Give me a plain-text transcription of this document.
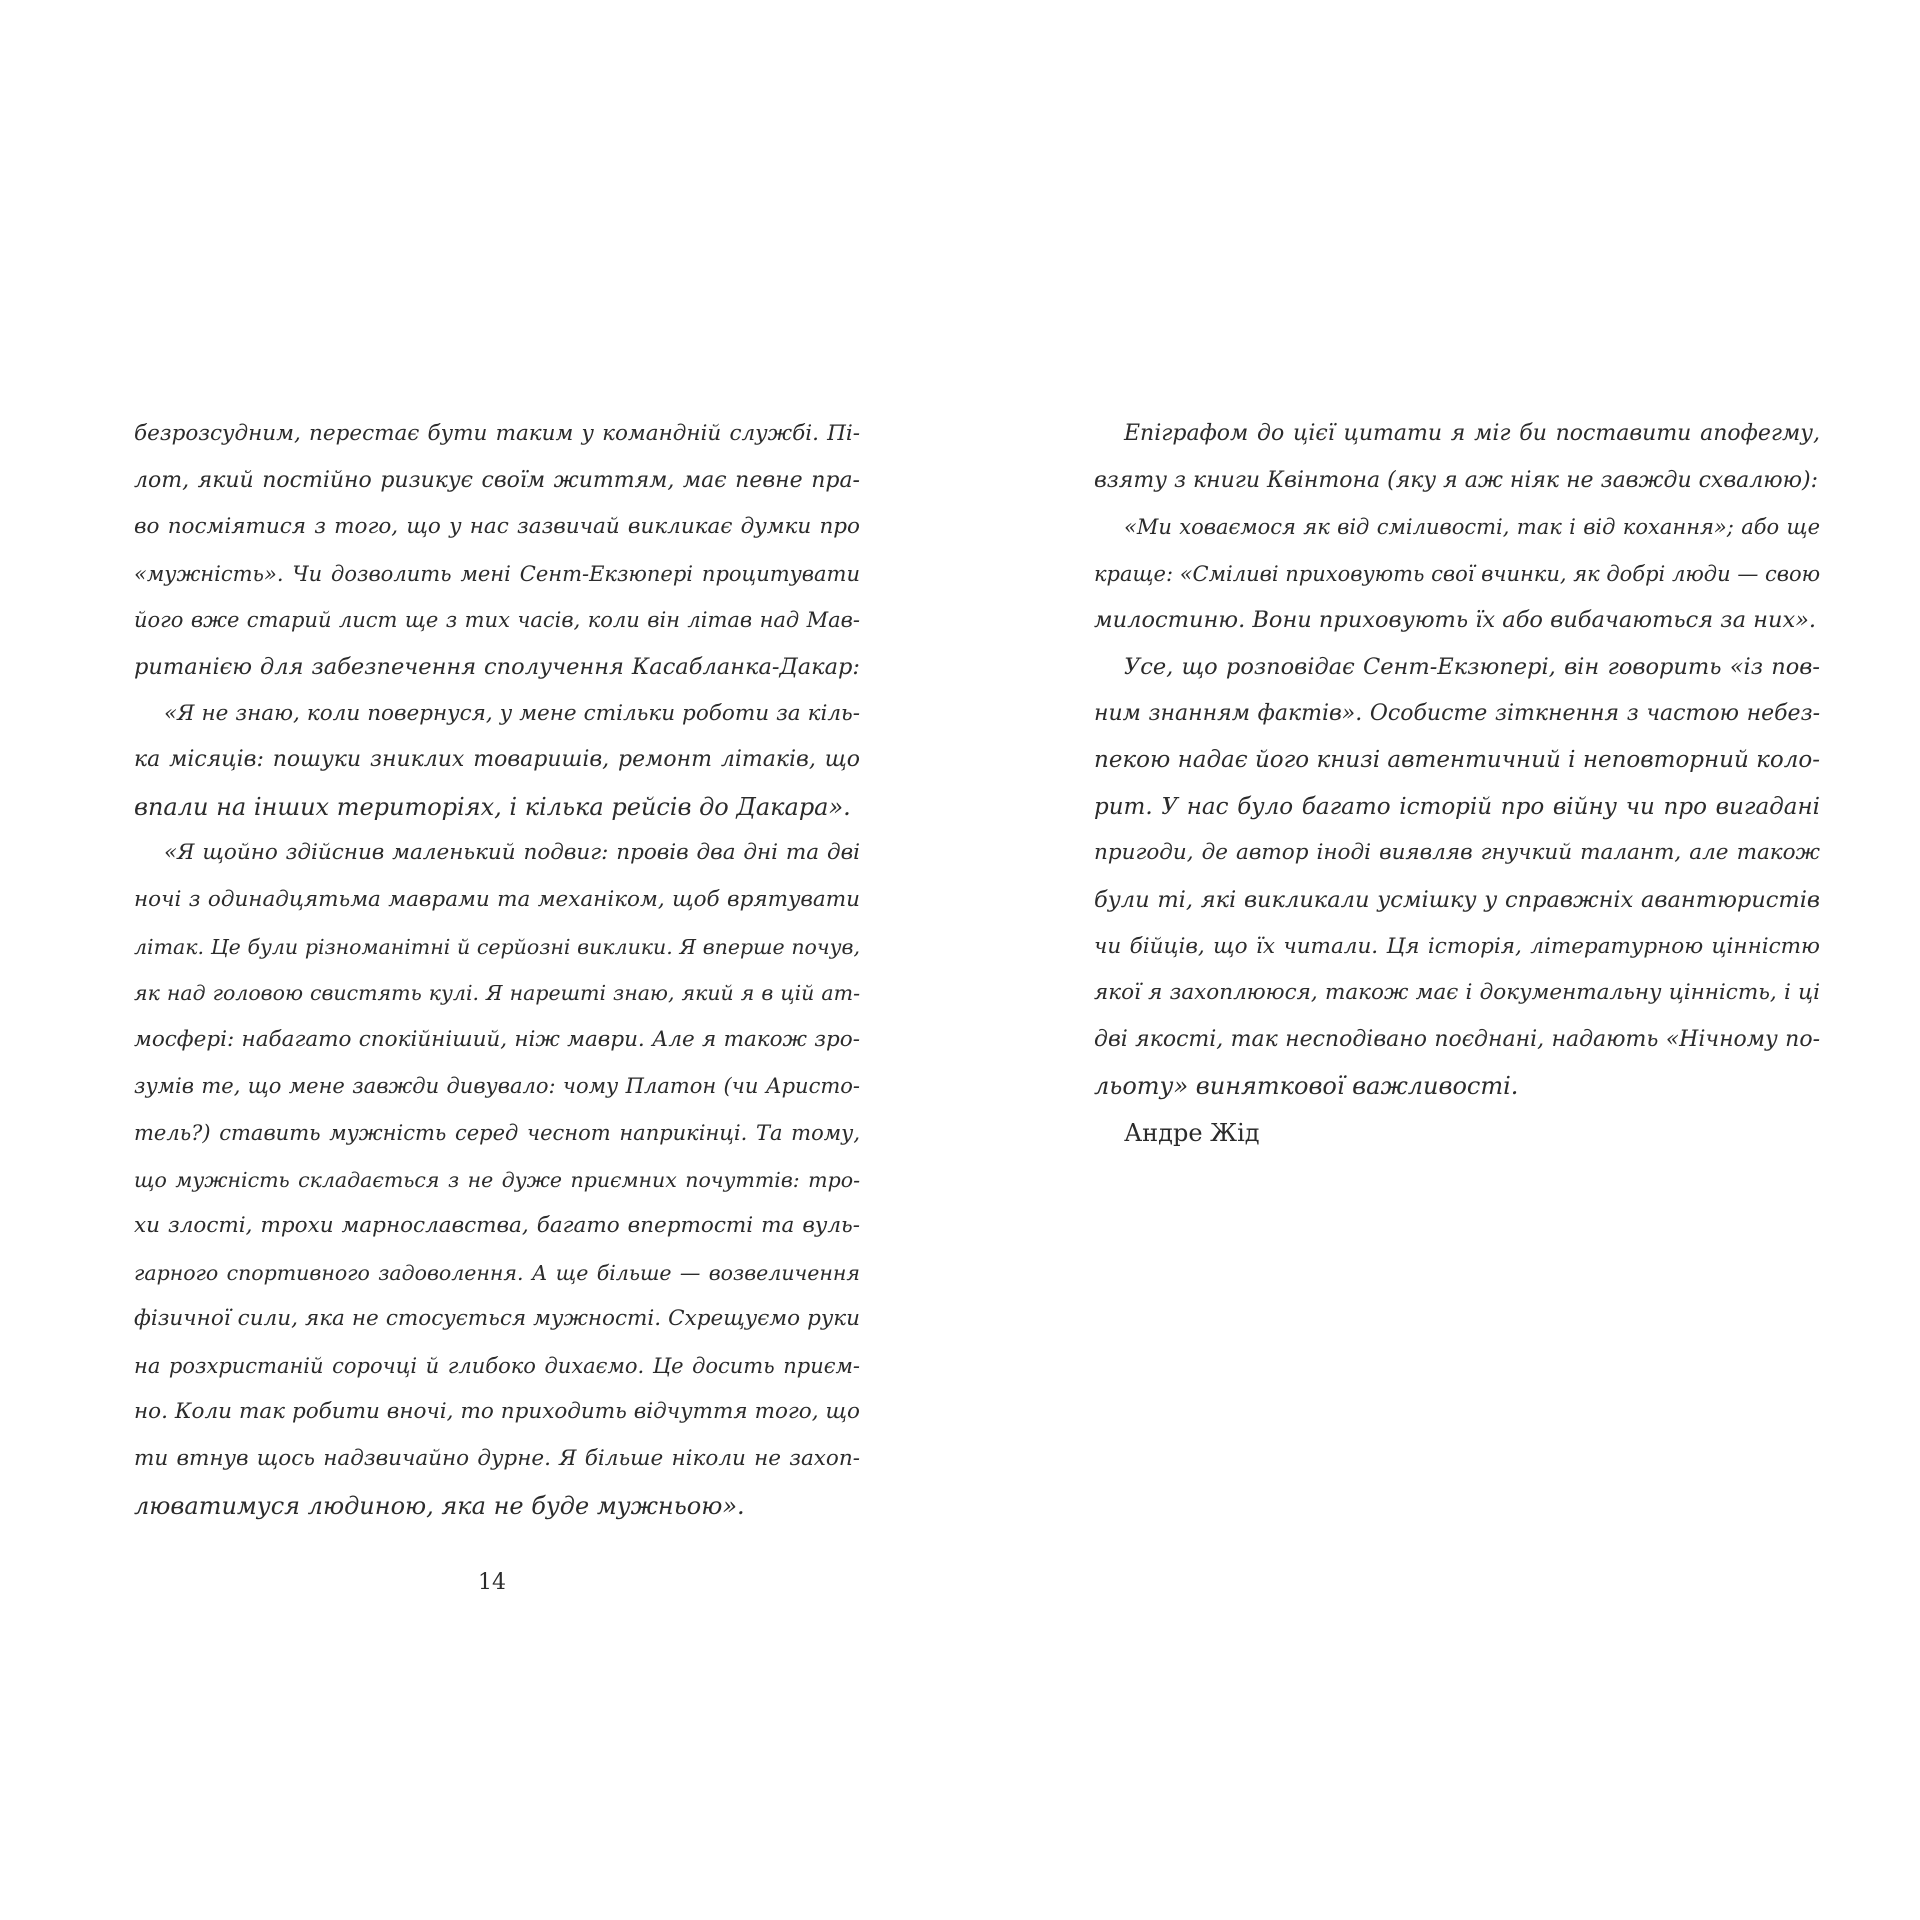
безрозсудним, перестає бути таким у командній службі. Пі-
лот, який постійно ризикує своїм життям, має певне пра-
во посміятися з того, що у нас зазвичай викликає думки про
«мужність». Чи дозволить мені Сент-Екзюпері процитувати
його вже старий лист ще з тих часів, коли він літав над Мав-
ританією для забезпечення сполучення Касабланка-Дакар:
«Я не знаю, коли повернуся, у мене стільки роботи за кіль-
ка місяців: пошуки зниклих товаришів, ремонт літаків, що
впали на інших територіях, і кілька рейсів до Дакара».
«Я щойно здійснив маленький подвиг: провів два дні та дві
ночі з одинадцятьма маврами та механіком, щоб врятувати
літак. Це були різноманітні й серйозні виклики. Я вперше почув,
як над головою свистять кулі. Я нарешті знаю, який я в цій ат-
мосфері: набагато спокійніший, ніж маври. Але я також зро-
зумів те, що мене завжди дивувало: чому Платон (чи Аристо-
тель?) ставить мужність серед чеснот наприкінці. Та тому,
що мужність складається з не дуже приємних почуттів: тро-
хи злості, трохи марнославства, багато впертості та вуль-
гарного спортивного задоволення. А ще більше — возвеличення
фізичної сили, яка не стосується мужності. Схрещуємо руки
на розхристаній сорочці й глибоко дихаємо. Це досить приєм-
но. Коли так робити вночі, то приходить відчуття того, що
ти втнув щось надзвичайно дурне. Я більше ніколи не захоп-
люватимуся людиною, яка не буде мужньою».
14
Епіграфом до цієї цитати я міг би поставити апофегму,
взяту з книги Квінтона (яку я аж ніяк не завжди схвалюю):
«Ми ховаємося як від сміливості, так і від кохання»; або ще
краще: «Сміливі приховують свої вчинки, як добрі люди — свою
милостиню. Вони приховують їх або вибачаються за них».
Усе, що розповідає Сент-Екзюпері, він говорить «із пов-
ним знанням фактів». Особисте зіткнення з частою небез-
пекою надає його книзі автентичний і неповторний коло-
рит. У нас було багато історій про війну чи про вигадані
пригоди, де автор іноді виявляв гнучкий талант, але також
були ті, які викликали усмішку у справжніх авантюристів
чи бійців, що їх читали. Ця історія, літературною цінністю
якої я захоплююся, також має і документальну цінність, і ці
дві якості, так несподівано поєднані, надають «Нічному по-
льоту» виняткової важливості.
Андре Жід
